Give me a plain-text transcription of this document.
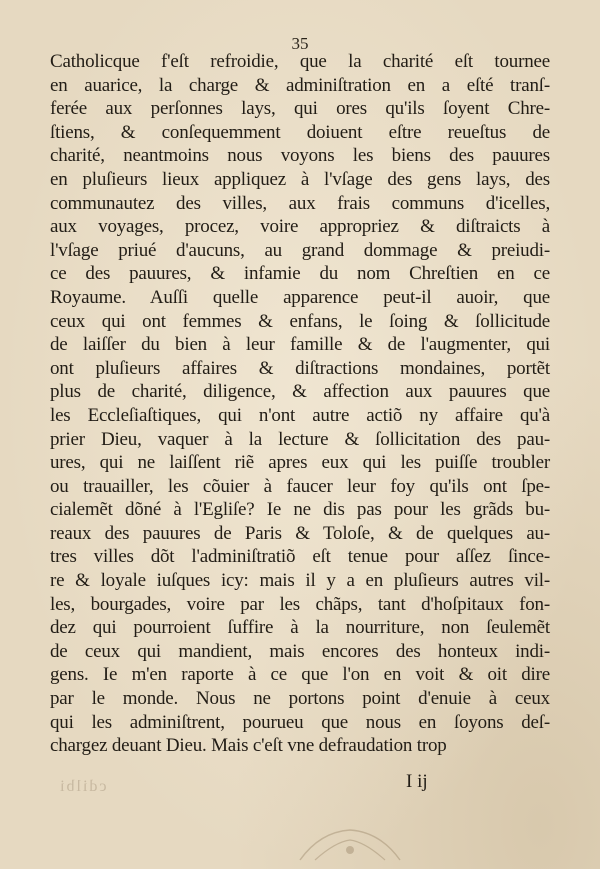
35
Catholicque f'eſt refroidie, que la charité eſt tournee
en auarice, la charge & adminiſtration en a eſté tranſ-
ferée aux perſonnes lays, qui ores qu'ils ſoyent Chre-
ſtiens, & conſequemment doiuent eſtre reueſtus de
charité, neantmoins nous voyons les biens des pauures
en pluſieurs lieux appliquez à l'vſage des gens lays, des
communautez des villes, aux frais communs d'icelles,
aux voyages, procez, voire appropriez & diſtraicts à
l'vſage priué d'aucuns, au grand dommage & preiudi-
ce des pauures, & infamie du nom Chreſtien en ce
Royaume. Auſſi quelle apparence peut-il auoir, que
ceux qui ont femmes & enfans, le ſoing & ſollicitude
de laiſſer du bien à leur famille & de l'augmenter, qui
ont pluſieurs affaires & diſtractions mondaines, portẽt
plus de charité, diligence, & affection aux pauures que
les Eccleſiaſtiques, qui n'ont autre actiõ ny affaire qu'à
prier Dieu, vaquer à la lecture & ſollicitation des pau-
ures, qui ne laiſſent riẽ apres eux qui les puiſſe troubler
ou trauailler, les cõuier à faucer leur foy qu'ils ont ſpe-
cialemẽt dõné à l'Egliſe? Ie ne dis pas pour les grãds bu-
reaux des pauures de Paris & Toloſe, & de quelques au-
tres villes dõt l'adminiſtratiõ eſt tenue pour aſſez ſince-
re & loyale iuſques icy: mais il y a en pluſieurs autres vil-
les, bourgades, voire par les chãps, tant d'hoſpitaux fon-
dez qui pourroient ſuffire à la nourriture, non ſeulemẽt
de ceux qui mandient, mais encores des honteux indi-
gens. Ie m'en raporte à ce que l'on en voit & oit dire
par le monde. Nous ne portons point d'enuie à ceux
qui les adminiſtrent, pourueu que nous en ſoyons deſ-
chargez deuant Dieu. Mais c'eſt vne defraudation trop
cdilbi	I ij
